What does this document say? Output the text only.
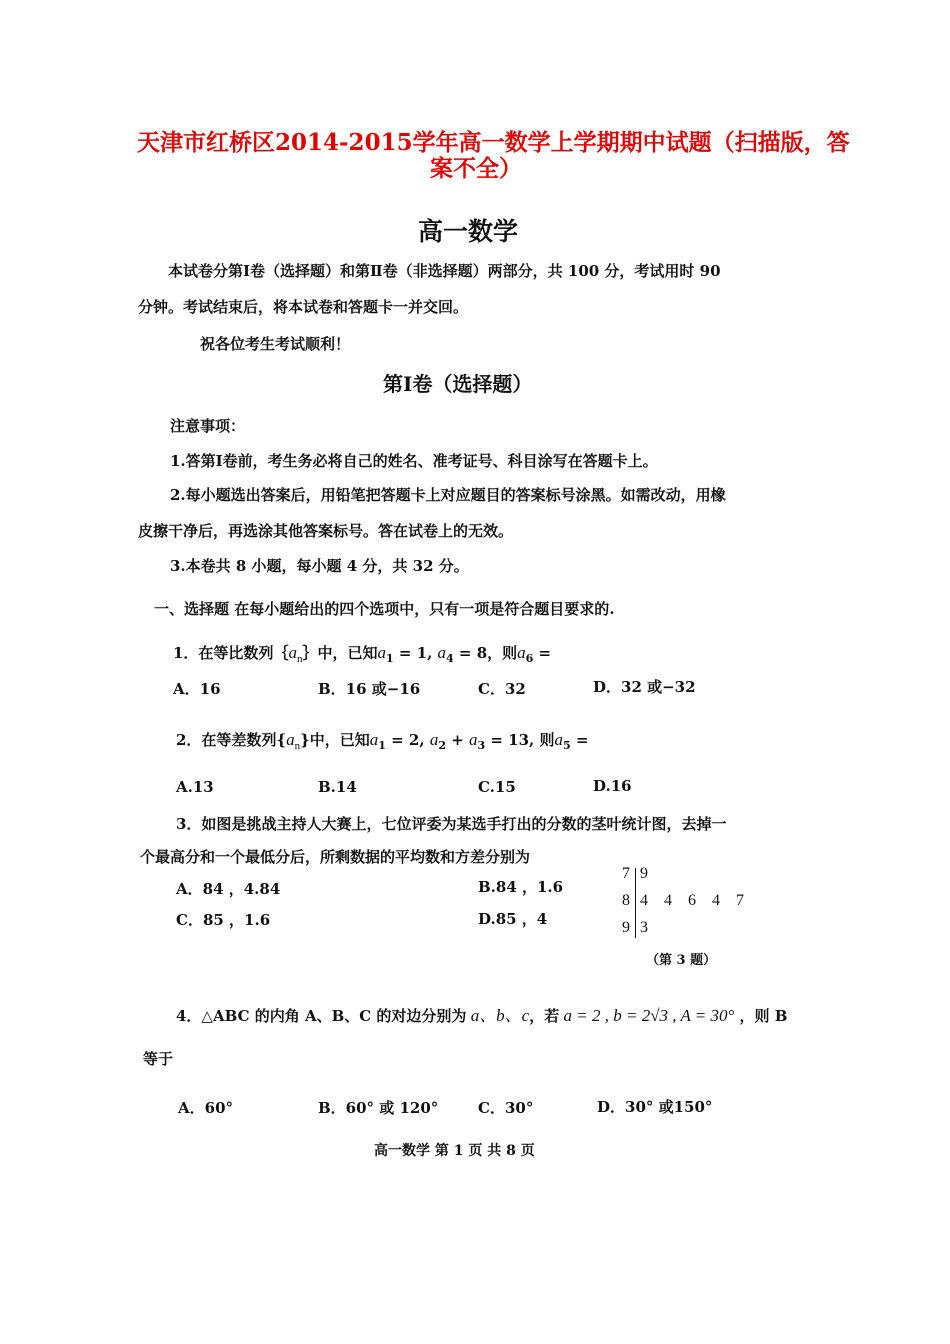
天津市红桥区2014-2015学年高一数学上学期期中试题（扫描版，答
案不全）
高一数学
本试卷分第Ⅰ卷（选择题）和第Ⅱ卷（非选择题）两部分，共 100 分，考试用时 90
分钟。考试结束后，将本试卷和答题卡一并交回。
祝各位考生考试顺利！
第Ⅰ卷（选择题）
注意事项：
1.答第Ⅰ卷前，考生务必将自己的姓名、准考证号、科目涂写在答题卡上。
2.每小题选出答案后，用铅笔把答题卡上对应题目的答案标号涂黑。如需改动，用橡
皮擦干净后，再选涂其他答案标号。答在试卷上的无效。
3.本卷共 8 小题，每小题 4 分，共 32 分。
一、选择题 在每小题给出的四个选项中，只有一项是符合题目要求的.
1．在等比数列$\{a_n\}$中，已知$a_1 = 1$, $a_4 = 8$，则$a_6$ =
A．16	B．16 或−16	C．32	D．32 或−32
2．在等差数列$\{a_n\}$中，已知$a_1 = 2$, $a_2 + a_3 = 13$, 则$a_5$ =
A.13	B.14	C.15	D.16
3．如图是挑战主持人大赛上，七位评委为某选手打出的分数的茎叶统计图，去掉一
个最高分和一个最低分后，所剩数据的平均数和方差分别为
A．84 ，4.84	B.84 ，1.6
C．85 ，1.6	D.85 ，4
7 9
8 4    4    6    4    7
9 3
（第 3 题）
4．△ABC 的内角 A、B、C 的对边分别为 a、b、c，若 a = 2 , b = 2√3 , A = 30° ，则 B
等于
A．60°	B．60° 或 120°	C．30°	D．30° 或150°
高一数学 第 1 页 共 8 页
